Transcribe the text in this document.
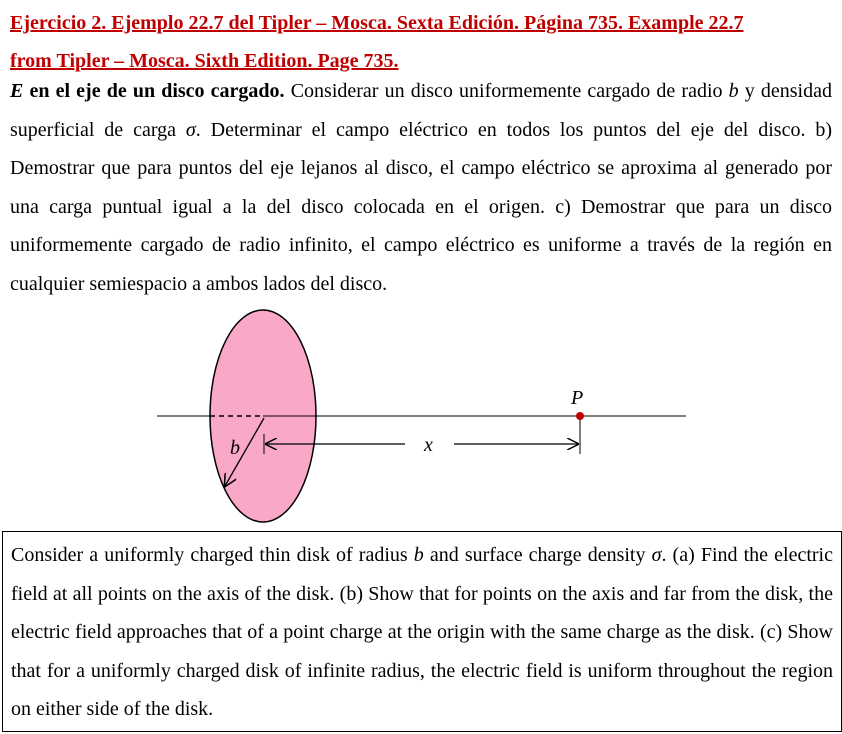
Ejercicio 2. Ejemplo 22.7 del Tipler – Mosca. Sexta Edición. Página 735. Example 22.7
from Tipler – Mosca. Sixth Edition. Page 735.
E en el eje de un disco cargado. Considerar un disco uniformemente cargado de radio b y densidad superficial de carga σ. Determinar el campo eléctrico en todos los puntos del eje del disco. b) Demostrar que para puntos del eje lejanos al disco, el campo eléctrico se aproxima al generado por una carga puntual igual a la del disco colocada en el origen. c) Demostrar que para un disco uniformemente cargado de radio infinito, el campo eléctrico es uniforme a través de la región en cualquier semiespacio a ambos lados del disco.
b	x
P
Consider a uniformly charged thin disk of radius b and surface charge density σ. (a) Find the electric field at all points on the axis of the disk. (b) Show that for points on the axis and far from the disk, the electric field approaches that of a point charge at the origin with the same charge as the disk. (c) Show that for a uniformly charged disk of infinite radius, the electric field is uniform throughout the region on either side of the disk.
